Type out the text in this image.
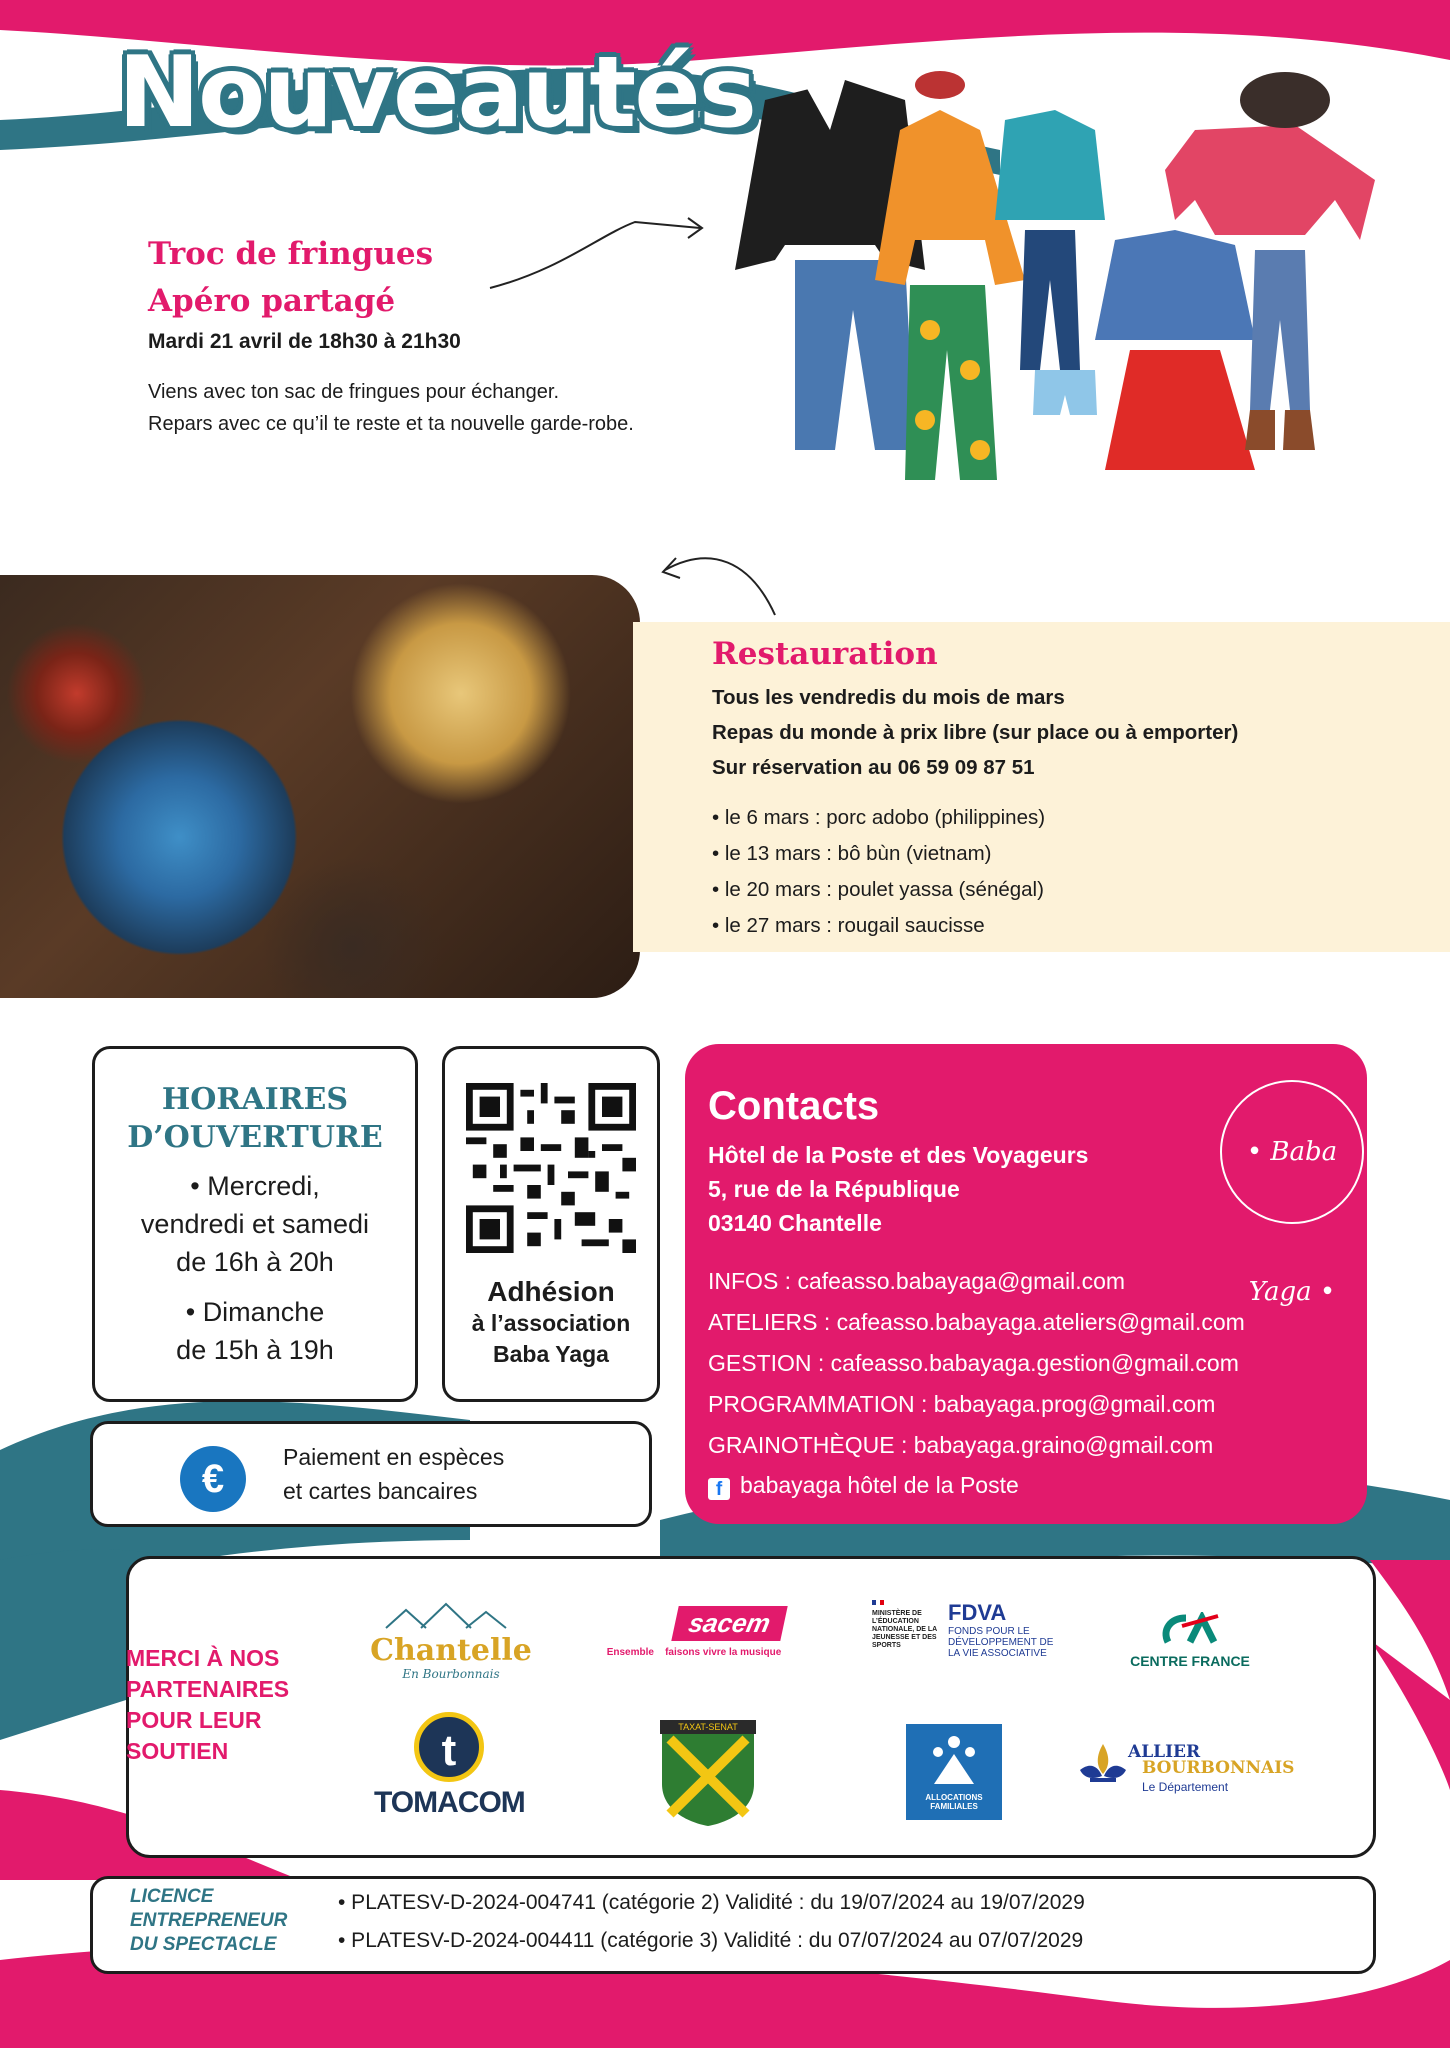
Nouveautés
Troc de fringues
Apéro partagé
Mardi 21 avril de 18h30 à 21h30
Viens avec ton sac de fringues pour échanger.
Repars avec ce qu’il te reste et ta nouvelle garde-robe.
Restauration
Tous les vendredis du mois de mars
Repas du monde à prix libre (sur place ou à emporter)
Sur réservation au 06 59 09 87 51
• le 6 mars : porc adobo (philippines)
• le 13 mars : bô bùn (vietnam)
• le 20 mars : poulet yassa (sénégal)
• le 27 mars : rougail saucisse
HORAIRES
D’OUVERTURE
• Mercredi,
vendredi et samedi
de 16h à 20h
• Dimanche
de 15h à 19h
Adhésion
à l’association
Baba Yaga
€	Paiement en espèces
et cartes bancaires
Contacts
Hôtel de la Poste et des Voyageurs
5, rue de la République
03140 Chantelle
• Baba Yaga •
INFOS : cafeasso.babayaga@gmail.com
ATELIERS : cafeasso.babayaga.ateliers@gmail.com
GESTION : cafeasso.babayaga.gestion@gmail.com
PROGRAMMATION : babayaga.prog@gmail.com
GRAINOTHÈQUE : babayaga.graino@gmail.com
f babayaga hôtel de la Poste
MERCI À NOS
PARTENAIRES
POUR LEUR
SOUTIEN
Chantelle
En Bourbonnais
sacem
Ensemble faisons vivre la musique
MINISTÈRE DE L’ÉDUCATION NATIONALE, DE LA JEUNESSE ET DES SPORTS
FDVA
FONDS POUR LE DÉVELOPPEMENT DE LA VIE ASSOCIATIVE	CENTRE FRANCE
t
TOMACOM
TAXAT-SENAT
ALLOCATIONS FAMILIALES
ALLIER
BOURBONNAIS
Le Département
LICENCE
ENTREPRENEUR
DU SPECTACLE
• PLATESV-D-2024-004741 (catégorie 2) Validité : du 19/07/2024 au 19/07/2029
• PLATESV-D-2024-004411 (catégorie 3) Validité : du 07/07/2024 au 07/07/2029
